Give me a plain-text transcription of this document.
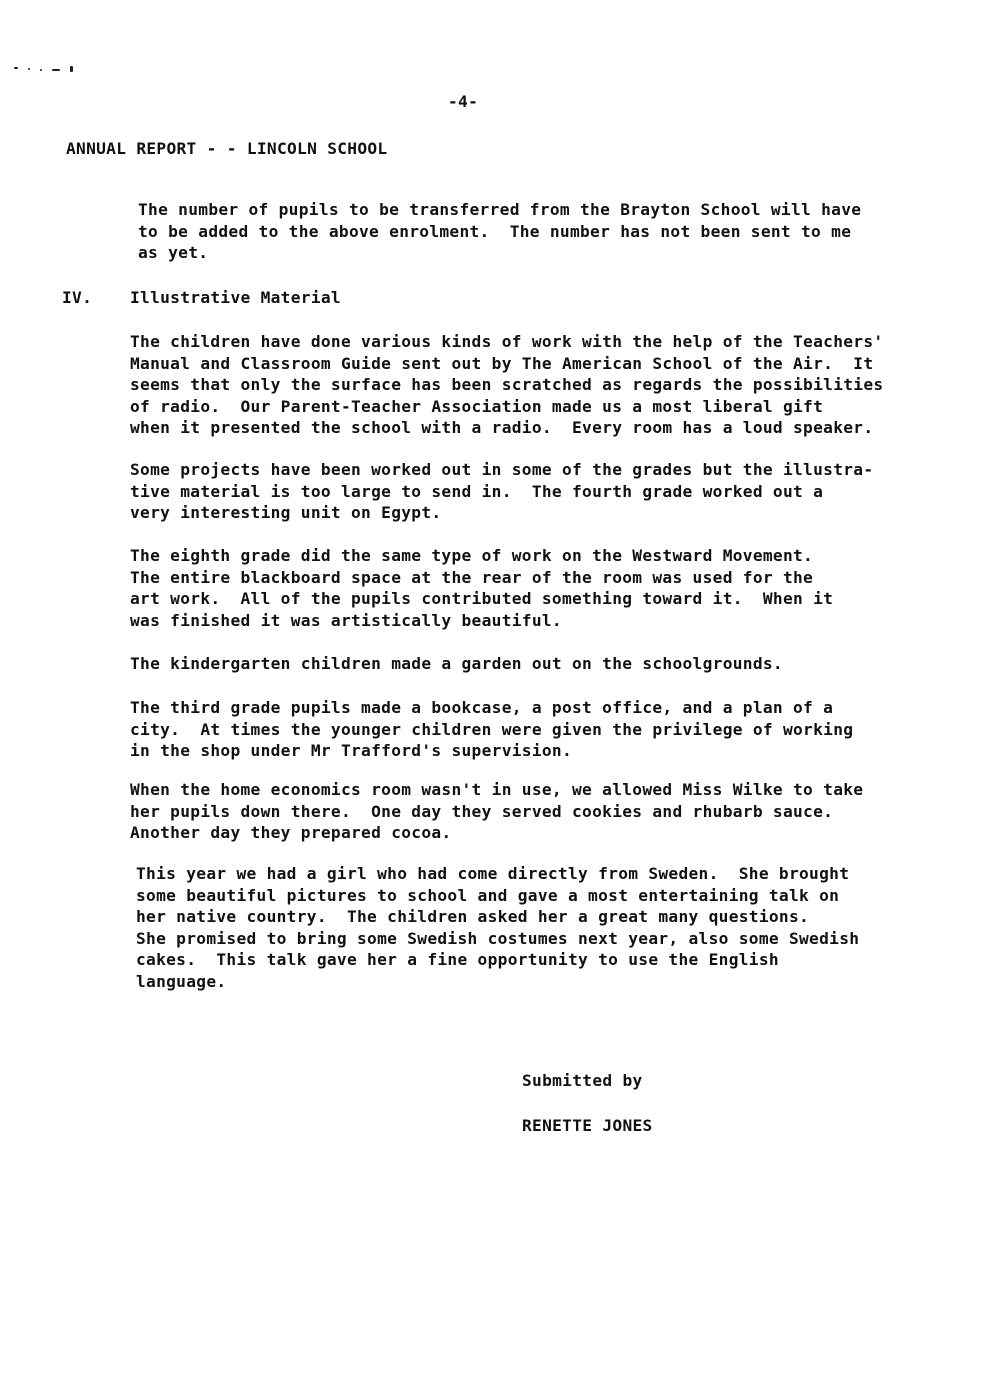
-4-
ANNUAL REPORT - - LINCOLN SCHOOL
The number of pupils to be transferred from the Brayton School will have
to be added to the above enrolment.  The number has not been sent to me
as yet.
IV. Illustrative Material
The children have done various kinds of work with the help of the Teachers'
Manual and Classroom Guide sent out by The American School of the Air.  It
seems that only the surface has been scratched as regards the possibilities
of radio.  Our Parent-Teacher Association made us a most liberal gift
when it presented the school with a radio.  Every room has a loud speaker.
Some projects have been worked out in some of the grades but the illustra-
tive material is too large to send in.  The fourth grade worked out a
very interesting unit on Egypt.
The eighth grade did the same type of work on the Westward Movement.
The entire blackboard space at the rear of the room was used for the
art work.  All of the pupils contributed something toward it.  When it
was finished it was artistically beautiful.
The kindergarten children made a garden out on the schoolgrounds.
The third grade pupils made a bookcase, a post office, and a plan of a
city.  At times the younger children were given the privilege of working
in the shop under Mr Trafford's supervision.
When the home economics room wasn't in use, we allowed Miss Wilke to take
her pupils down there.  One day they served cookies and rhubarb sauce.
Another day they prepared cocoa.
This year we had a girl who had come directly from Sweden.  She brought
some beautiful pictures to school and gave a most entertaining talk on
her native country.  The children asked her a great many questions.
She promised to bring some Swedish costumes next year, also some Swedish
cakes.  This talk gave her a fine opportunity to use the English
language.
Submitted by
RENETTE JONES
